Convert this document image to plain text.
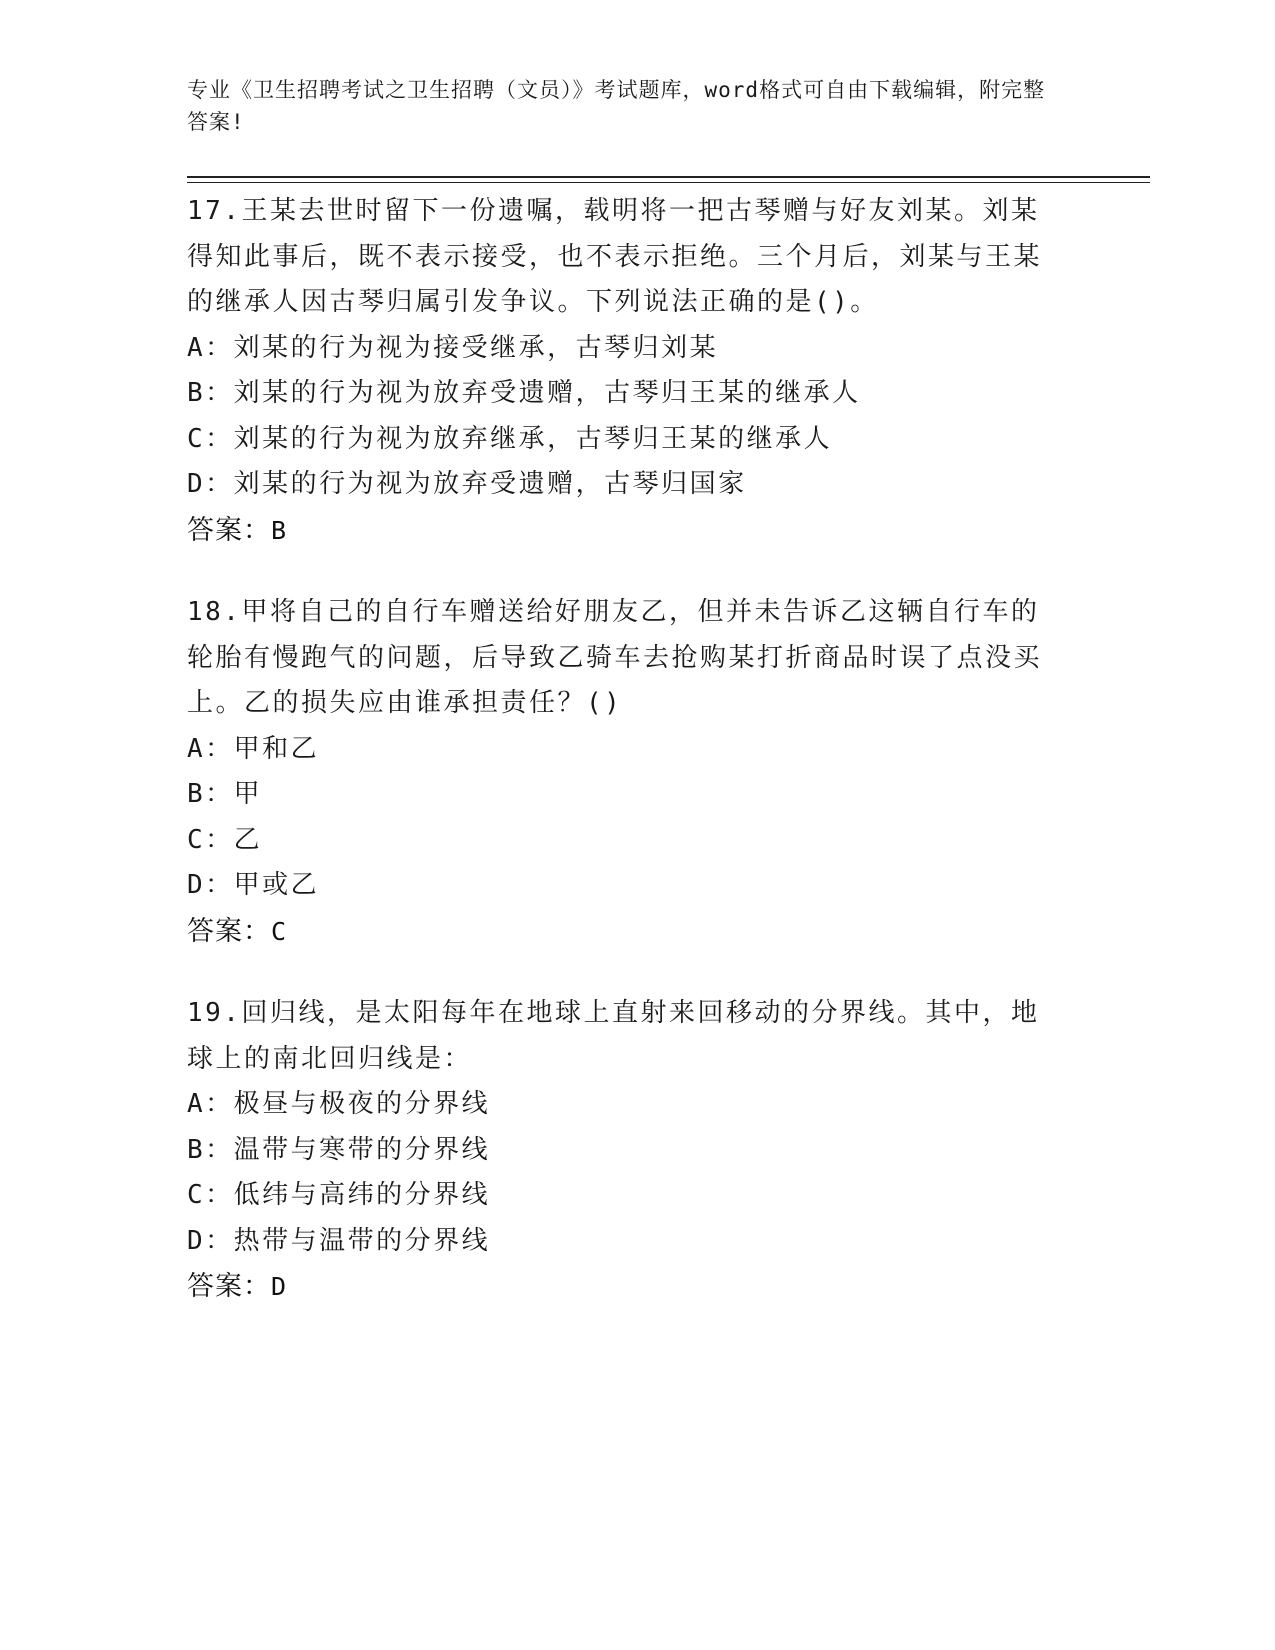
专业《卫生招聘考试之卫生招聘（文员）》考试题库，word格式可自由下载编辑，附完整答案!

17.王某去世时留下一份遗嘱，载明将一把古琴赠与好友刘某。刘某得知此事后，既不表示接受，也不表示拒绝。三个月后，刘某与王某的继承人因古琴归属引发争议。下列说法正确的是()。

A：刘某的行为视为接受继承，古琴归刘某

B：刘某的行为视为放弃受遗赠，古琴归王某的继承人

C：刘某的行为视为放弃继承，古琴归王某的继承人

D：刘某的行为视为放弃受遗赠，古琴归国家

答案：B

18.甲将自己的自行车赠送给好朋友乙，但并未告诉乙这辆自行车的轮胎有慢跑气的问题，后导致乙骑车去抢购某打折商品时误了点没买上。乙的损失应由谁承担责任？()

A：甲和乙

B：甲

C：乙

D：甲或乙

答案：C

19.回归线，是太阳每年在地球上直射来回移动的分界线。其中，地球上的南北回归线是：

A：极昼与极夜的分界线

B：温带与寒带的分界线

C：低纬与高纬的分界线

D：热带与温带的分界线

答案：D
